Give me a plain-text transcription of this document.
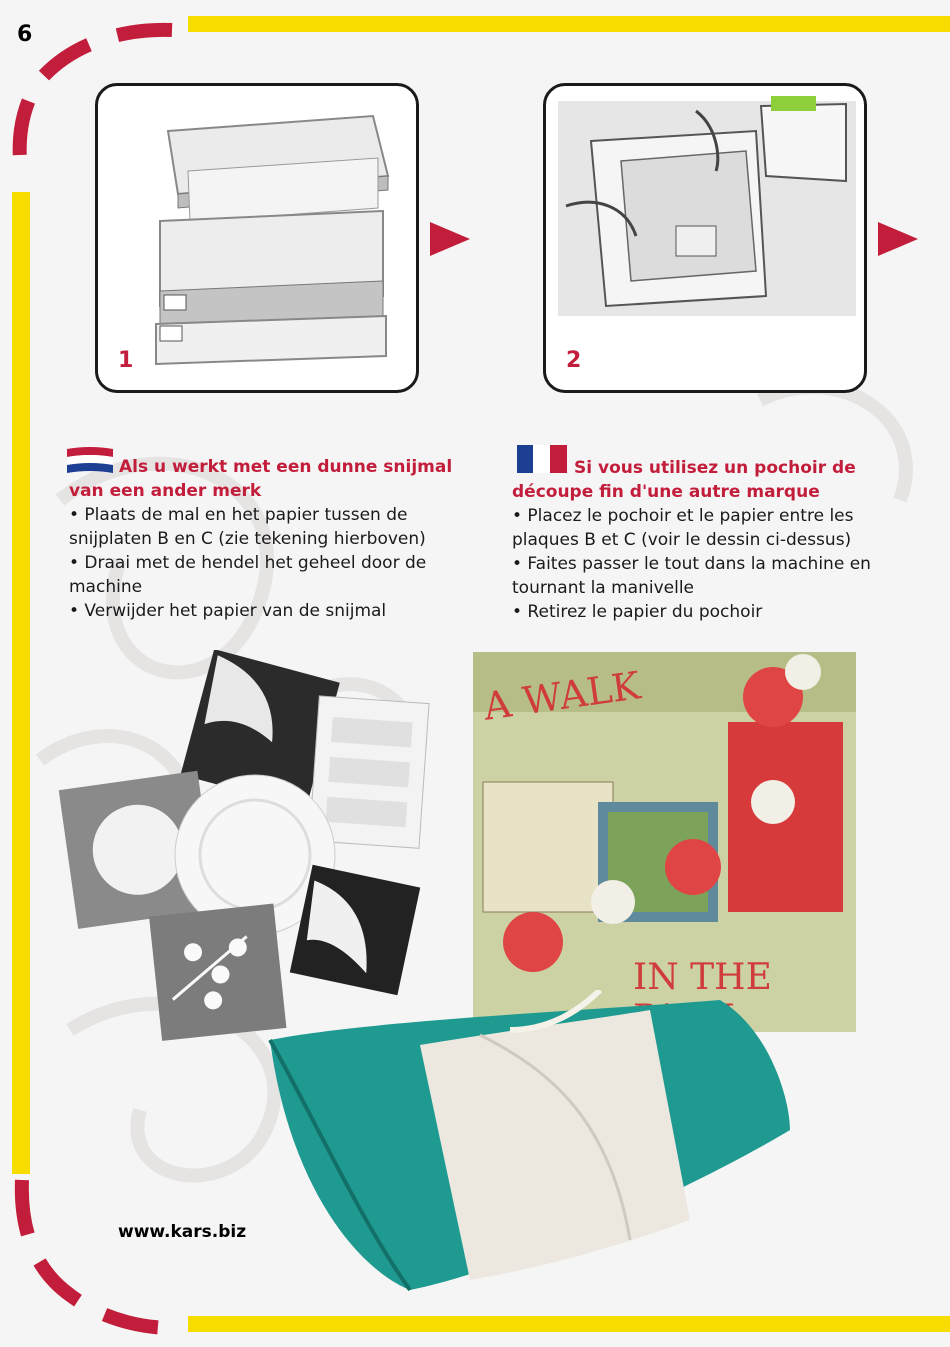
6
1	2
Als u werkt met een dunne snijmal van een ander merk
• Plaats de mal en het papier tussen de snijplaten B en C (zie tekening hierboven)
• Draai met de hendel het geheel door de machine
• Verwijder het papier van de snijmal
Si vous utilisez un pochoir de découpe fin d'une autre marque
• Placez le pochoir et le papier entre les plaques B et C (voir le dessin ci-dessus)
• Faites passer le tout dans la machine en tournant la manivelle
• Retirez le papier du pochoir
A WALK
IN THE
www.kars.biz
